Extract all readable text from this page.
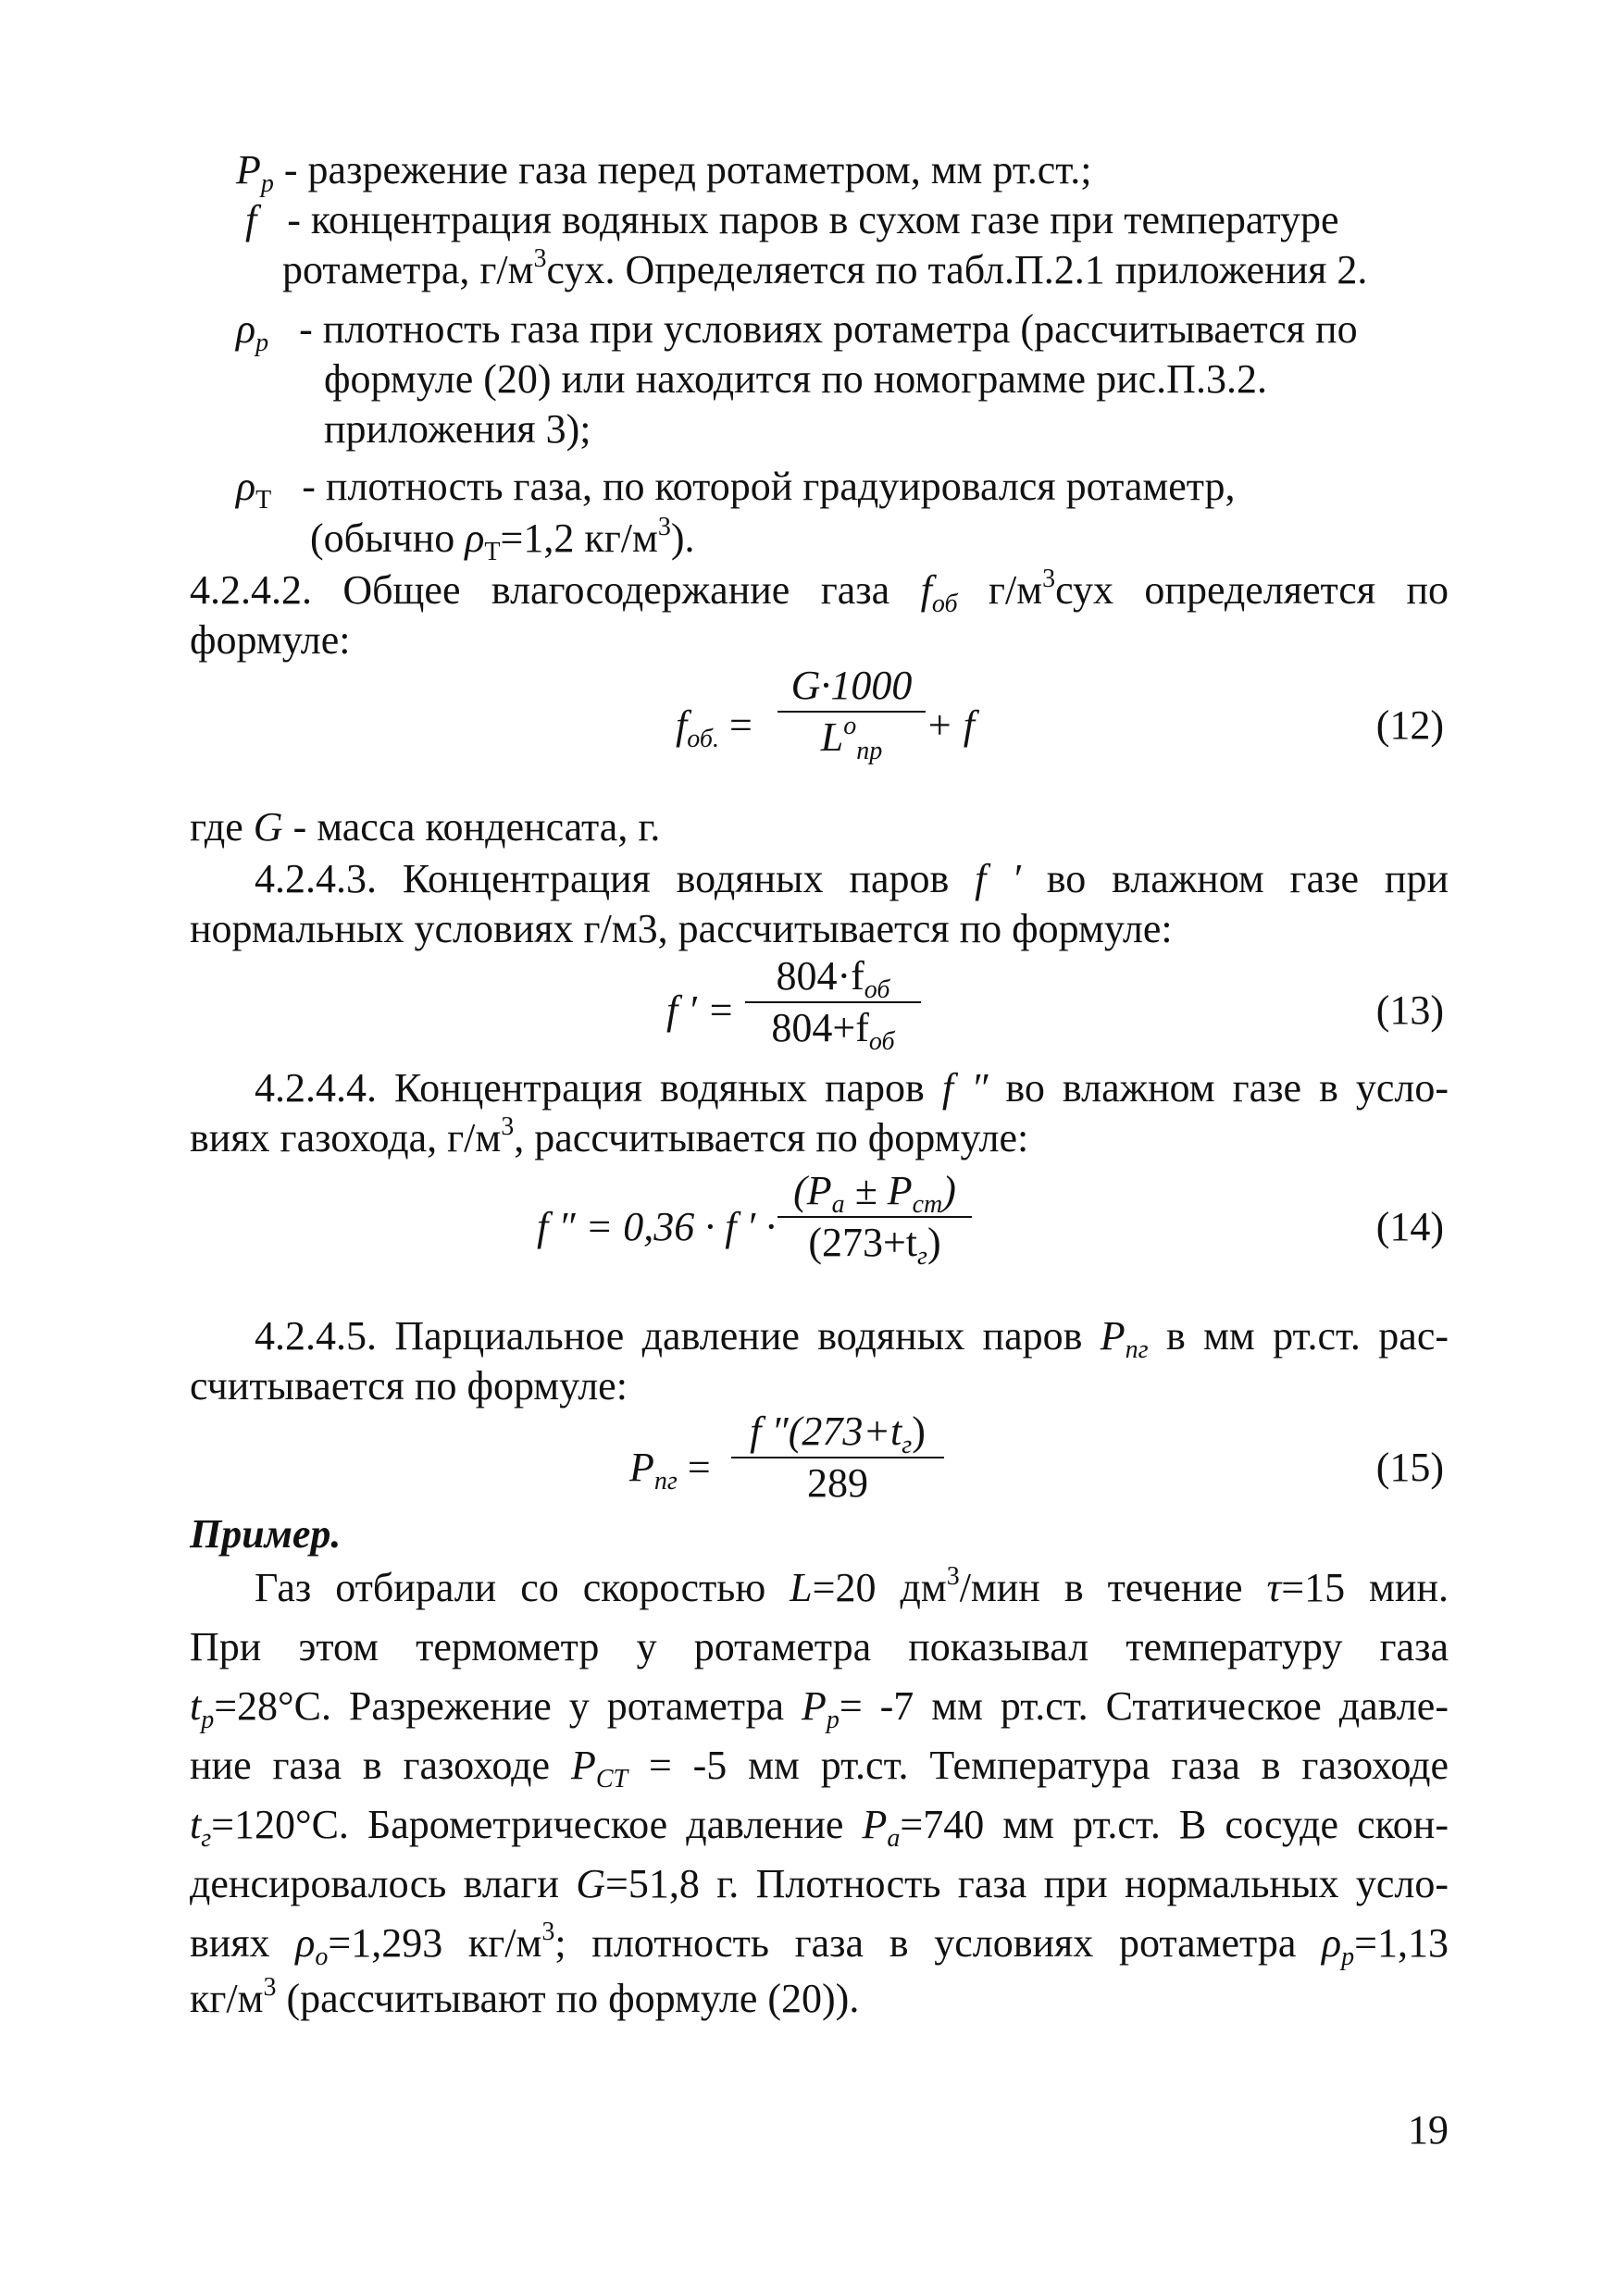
$P_p$ - разрежение газа перед ротаметром, мм рт.ст.;
f - концентрация водяных паров в сухом газе при температуре
ротаметра, $г/м^3сух$. Определяется по табл.П.2.1 приложения 2.
$\rho_p$ - плотность газа при условиях ротаметра (рассчитывается по
формуле (20) или находится по номограмме рис.П.3.2.
приложения 3);
$\rho_Т$ - плотность газа, по которой градуировался ротаметр,
(обычно $\rho_Т=1,2$ $кг/м^3$).
4.2.4.2. Общее влагосодержание газа $f_{об}$ $г/м^3сух$ определяется по
формуле:
$f_{об.}$ =
G·1000
$L^o_{пр}$
+ f	(12)
где G - масса конденсата, г.
4.2.4.3. Концентрация водяных паров f ′ во влажном газе при
нормальных условиях г/м3, рассчитывается по формуле:
f ′ =
$804\cdot f_{об}$
$804+f_{об}$
(13)
4.2.4.4. Концентрация водяных паров f ″ во влажном газе в усло-
виях газохода, $г/м^3$, рассчитывается по формуле:
f ″ = 0,36 · f ′ ·
$(P_a \pm P_{ст})$
$(273+t_г)$	(14)
4.2.4.5. Парциальное давление водяных паров $P_{пг}$ в мм рт.ст. рас-
считывается по формуле:
$P_{пг}$ =
f $''(273+t_г)$
289	(15)
Пример.
Газ отбирали со скоростью L=20 $дм^3$/мин в течение τ=15 мин.
При этом термометр у ротаметра показывал температуру газа
$t_р=28^\circ С$. Разрежение у ротаметра $P_р= -7$ мм рт.ст. Статическое давле-
ние газа в газоходе $P_{СТ} = -5$ мм рт.ст. Температура газа в газоходе
$t_г=120^\circ С$. Барометрическое давление $P_а=740$ мм рт.ст. В сосуде скон-
денсировалось влаги G=51,8 г. Плотность газа при нормальных усло-
виях $\rho_о=1,293$ $кг/м^3$; плотность газа в условиях ротаметра $\rho_р=1,13$
$кг/м^3$ (рассчитывают по формуле (20)).
19
